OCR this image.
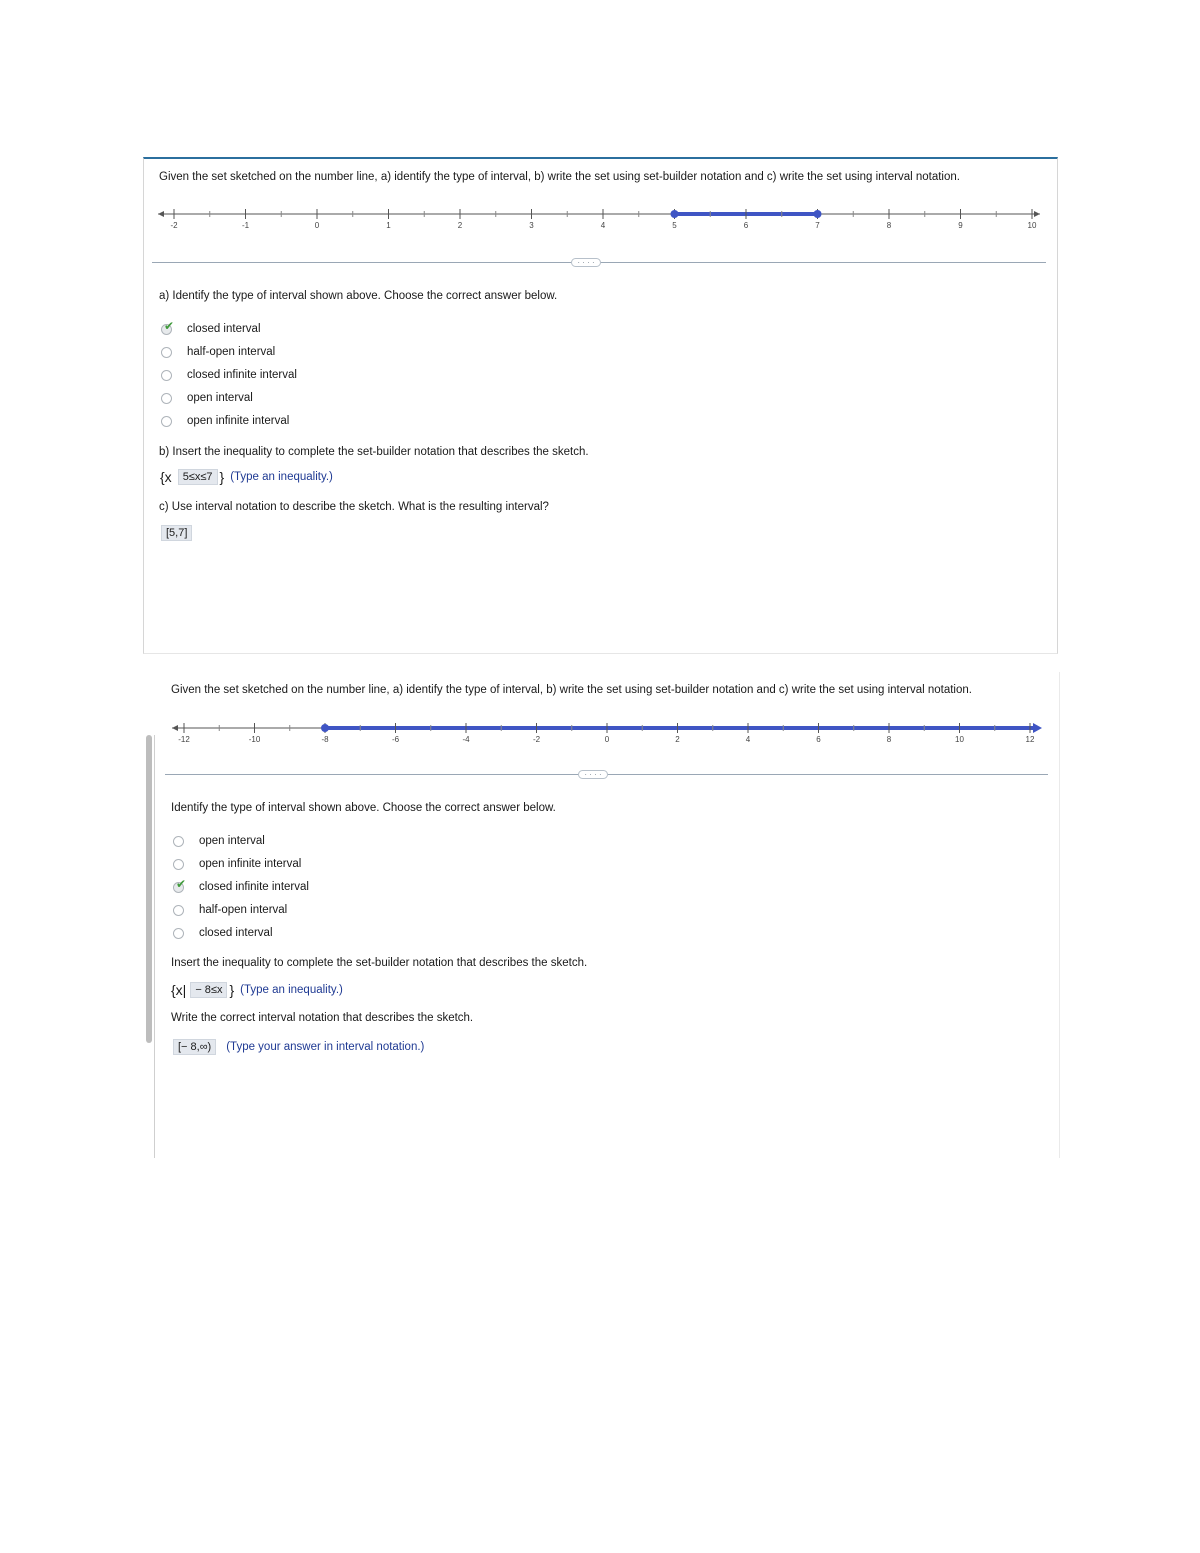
Given the set sketched on the number line, a) identify the type of interval, b) write the set using set-builder notation and c) write the set using interval notation.
-2	-1	0	1	2	3	4	5	6	7	8	9	10
· · · ·
a) Identify the type of interval shown above. Choose the correct answer below.
✔ closed interval
half-open interval
closed infinite interval
open interval
open infinite interval
b) Insert the inequality to complete the set-builder notation that describes the sketch.
{x	5≤x≤7 } (Type an inequality.)
c) Use interval notation to describe the sketch. What is the resulting interval?
[5,7]
Given the set sketched on the number line, a) identify the type of interval, b) write the set using set-builder notation and c) write the set using interval notation.
-12	-10	-8	-6	-4	-2	0	2	4	6	8	10	12
· · · ·
Identify the type of interval shown above. Choose the correct answer below.
open interval
open infinite interval
✔ closed infinite interval
half-open interval
closed interval
Insert the inequality to complete the set-builder notation that describes the sketch.
{x| − 8≤x } (Type an inequality.)
Write the correct interval notation that describes the sketch.
[− 8,∞)	(Type your answer in interval notation.)
